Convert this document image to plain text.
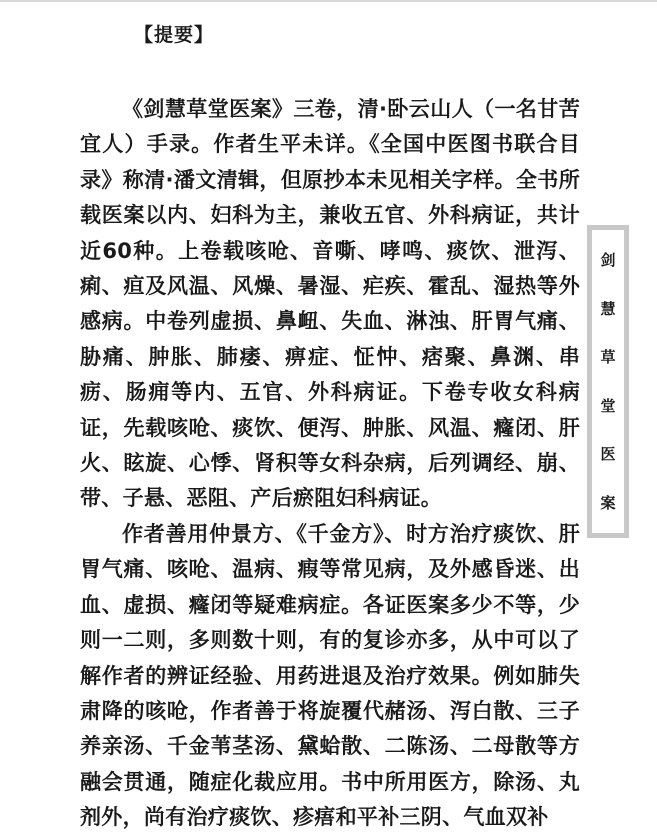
【提要】

《剑慧草堂医案》三卷，清·卧云山人（一名甘苦宜人）手录。作者生平未详。《全国中医图书联合目录》称清·潘文清辑，但原抄本未见相关字样。全书所载医案以内、妇科为主，兼收五官、外科病证，共计近60种。上卷载咳呛、音嘶、哮鸣、痰饮、泄泻、痢、疸及风温、风燥、暑湿、疟疾、霍乱、湿热等外感病。中卷列虚损、鼻衄、失血、淋浊、肝胃气痛、胁痛、肿胀、肺痿、痹症、怔忡、痞聚、鼻渊、串疬、肠痈等内、五官、外科病证。下卷专收女科病证，先载咳呛、痰饮、便泻、肿胀、风温、癃闭、肝火、眩旋、心悸、肾积等女科杂病，后列调经、崩、带、子悬、恶阻、产后瘀阻妇科病证。

作者善用仲景方、《千金方》、时方治疗痰饮、肝胃气痛、咳呛、温病、瘕等常见病，及外感昏迷、出血、虚损、癃闭等疑难病症。各证医案多少不等，少则一二则，多则数十则，有的复诊亦多，从中可以了解作者的辨证经验、用药进退及治疗效果。例如肺失肃降的咳呛，作者善于将旋覆代赭汤、泻白散、三子养亲汤、千金苇茎汤、黛蛤散、二陈汤、二母散等方融会贯通，随症化裁应用。书中所用医方，除汤、丸剂外，尚有治疗痰饮、疹痦和平补三阴、气血双补

剑
慧
草
堂
医
案
